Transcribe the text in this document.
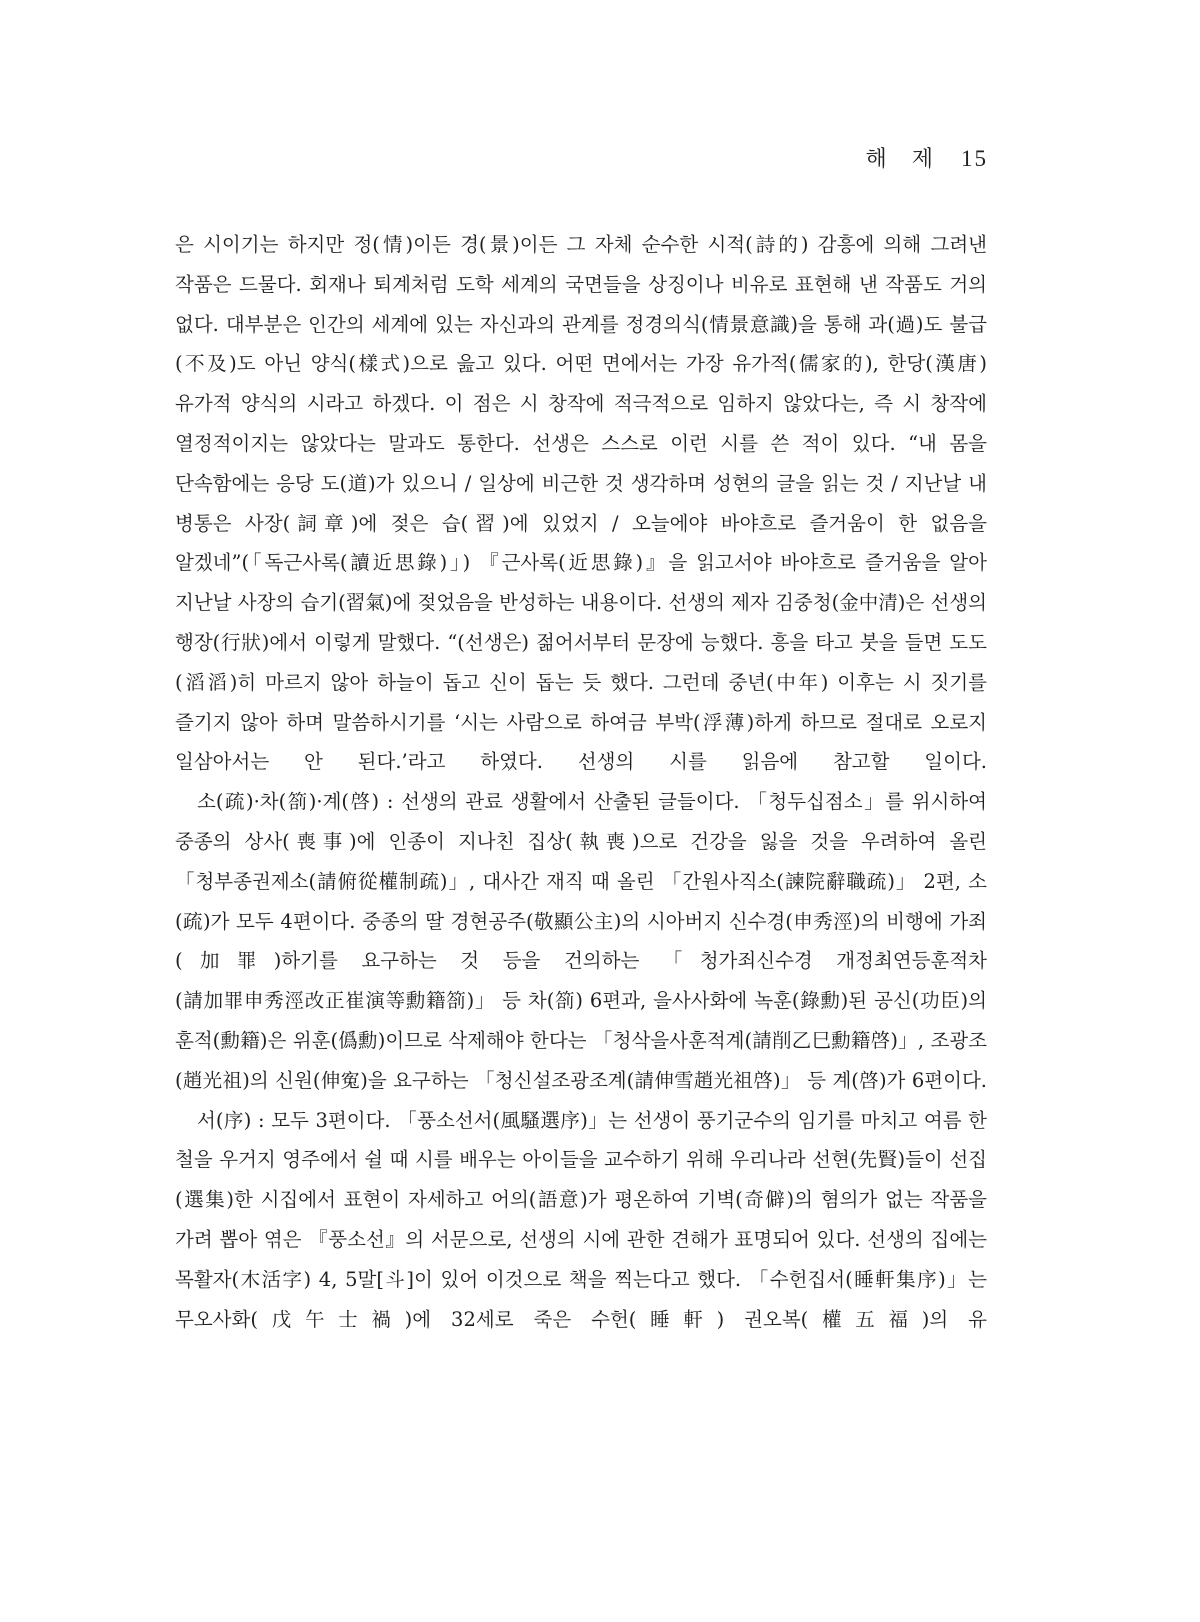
해 제 15

은 시이기는 하지만 정(情)이든 경(景)이든 그 자체 순수한 시적(詩的) 감흥에 의해 그려낸 작품은 드물다. 회재나 퇴계처럼 도학 세계의 국면들을 상징이나 비유로 표현해 낸 작품도 거의 없다. 대부분은 인간의 세계에 있는 자신과의 관계를 정경의식(情景意識)을 통해 과(過)도 불급(不及)도 아닌 양식(樣式)으로 읊고 있다. 어떤 면에서는 가장 유가적(儒家的), 한당(漢唐) 유가적 양식의 시라고 하겠다. 이 점은 시 창작에 적극적으로 임하지 않았다는, 즉 시 창작에 열정적이지는 않았다는 말과도 통한다. 선생은 스스로 이런 시를 쓴 적이 있다. “내 몸을 단속함에는 응당 도(道)가 있으니 / 일상에 비근한 것 생각하며 성현의 글을 읽는 것 / 지난날 내 병통은 사장(詞章)에 젖은 습(習)에 있었지 / 오늘에야 바야흐로 즐거움이 한 없음을 알겠네”(「독근사록(讀近思錄)」) 『근사록(近思錄)』을 읽고서야 바야흐로 즐거움을 알아 지난날 사장의 습기(習氣)에 젖었음을 반성하는 내용이다. 선생의 제자 김중청(金中清)은 선생의 행장(行狀)에서 이렇게 말했다. “(선생은) 젊어서부터 문장에 능했다. 흥을 타고 붓을 들면 도도(滔滔)히 마르지 않아 하늘이 돕고 신이 돕는 듯 했다. 그런데 중년(中年) 이후는 시 짓기를 즐기지 않아 하며 말씀하시기를 ‘시는 사람으로 하여금 부박(浮薄)하게 하므로 절대로 오로지 일삼아서는 안 된다.’라고 하였다. 선생의 시를 읽음에 참고할 일이다.

소(疏)·차(箚)·계(啓) : 선생의 관료 생활에서 산출된 글들이다. 「청두십점소」를 위시하여 중종의 상사(喪事)에 인종이 지나친 집상(執喪)으로 건강을 잃을 것을 우려하여 올린 「청부종권제소(請俯從權制疏)」, 대사간 재직 때 올린 「간원사직소(諫院辭職疏)」 2편, 소(疏)가 모두 4편이다. 중종의 딸 경현공주(敬顯公主)의 시아버지 신수경(申秀涇)의 비행에 가죄(加罪)하기를 요구하는 것 등을 건의하는 「청가죄신수경 개정최연등훈적차(請加罪申秀涇改正崔演等勳籍箚)」 등 차(箚) 6편과, 을사사화에 녹훈(錄勳)된 공신(功臣)의 훈적(勳籍)은 위훈(僞勳)이므로 삭제해야 한다는 「청삭을사훈적계(請削乙巳勳籍啓)」, 조광조(趙光祖)의 신원(伸寃)을 요구하는 「청신설조광조계(請伸雪趙光祖啓)」 등 계(啓)가 6편이다.

서(序) : 모두 3편이다. 「풍소선서(風騷選序)」는 선생이 풍기군수의 임기를 마치고 여름 한 철을 우거지 영주에서 쉴 때 시를 배우는 아이들을 교수하기 위해 우리나라 선현(先賢)들이 선집(選集)한 시집에서 표현이 자세하고 어의(語意)가 평온하여 기벽(奇僻)의 혐의가 없는 작품을 가려 뽑아 엮은 『풍소선』의 서문으로, 선생의 시에 관한 견해가 표명되어 있다. 선생의 집에는 목활자(木活字) 4, 5말[斗]이 있어 이것으로 책을 찍는다고 했다. 「수헌집서(睡軒集序)」는 무오사화(戊午士禍)에 32세로 죽은 수헌(睡軒) 권오복(權五福)의 유
